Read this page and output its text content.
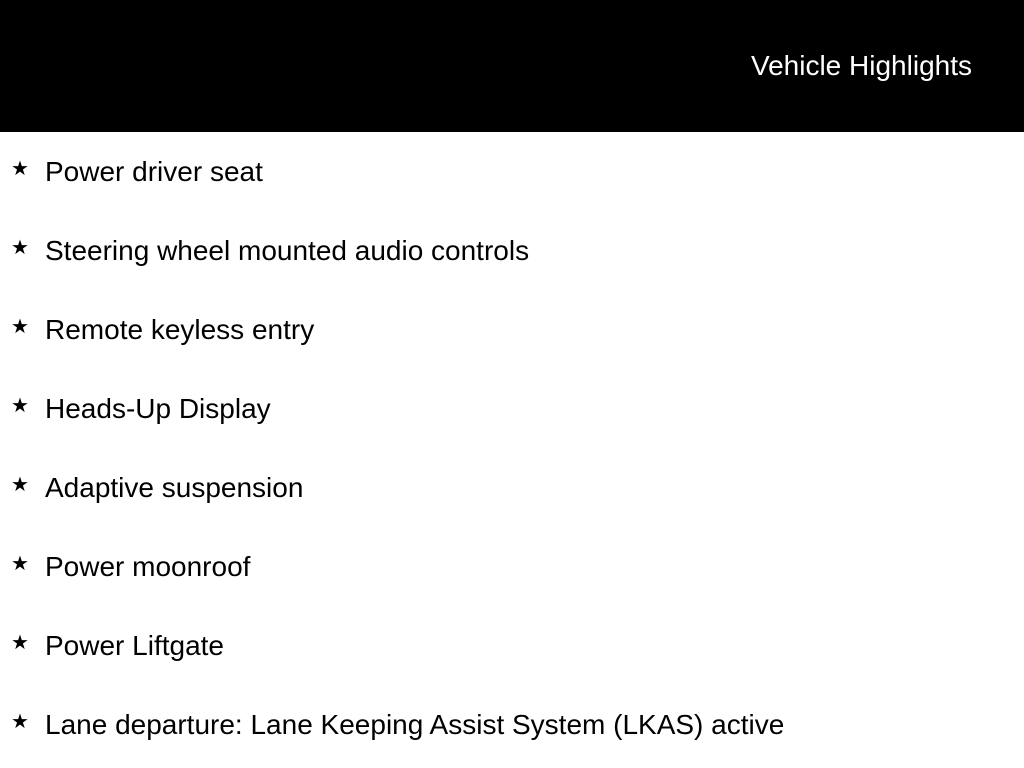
Vehicle Highlights
★ Power driver seat
★ Steering wheel mounted audio controls
★ Remote keyless entry
★ Heads-Up Display
★ Adaptive suspension
★ Power moonroof
★ Power Liftgate
★ Lane departure: Lane Keeping Assist System (LKAS) active
